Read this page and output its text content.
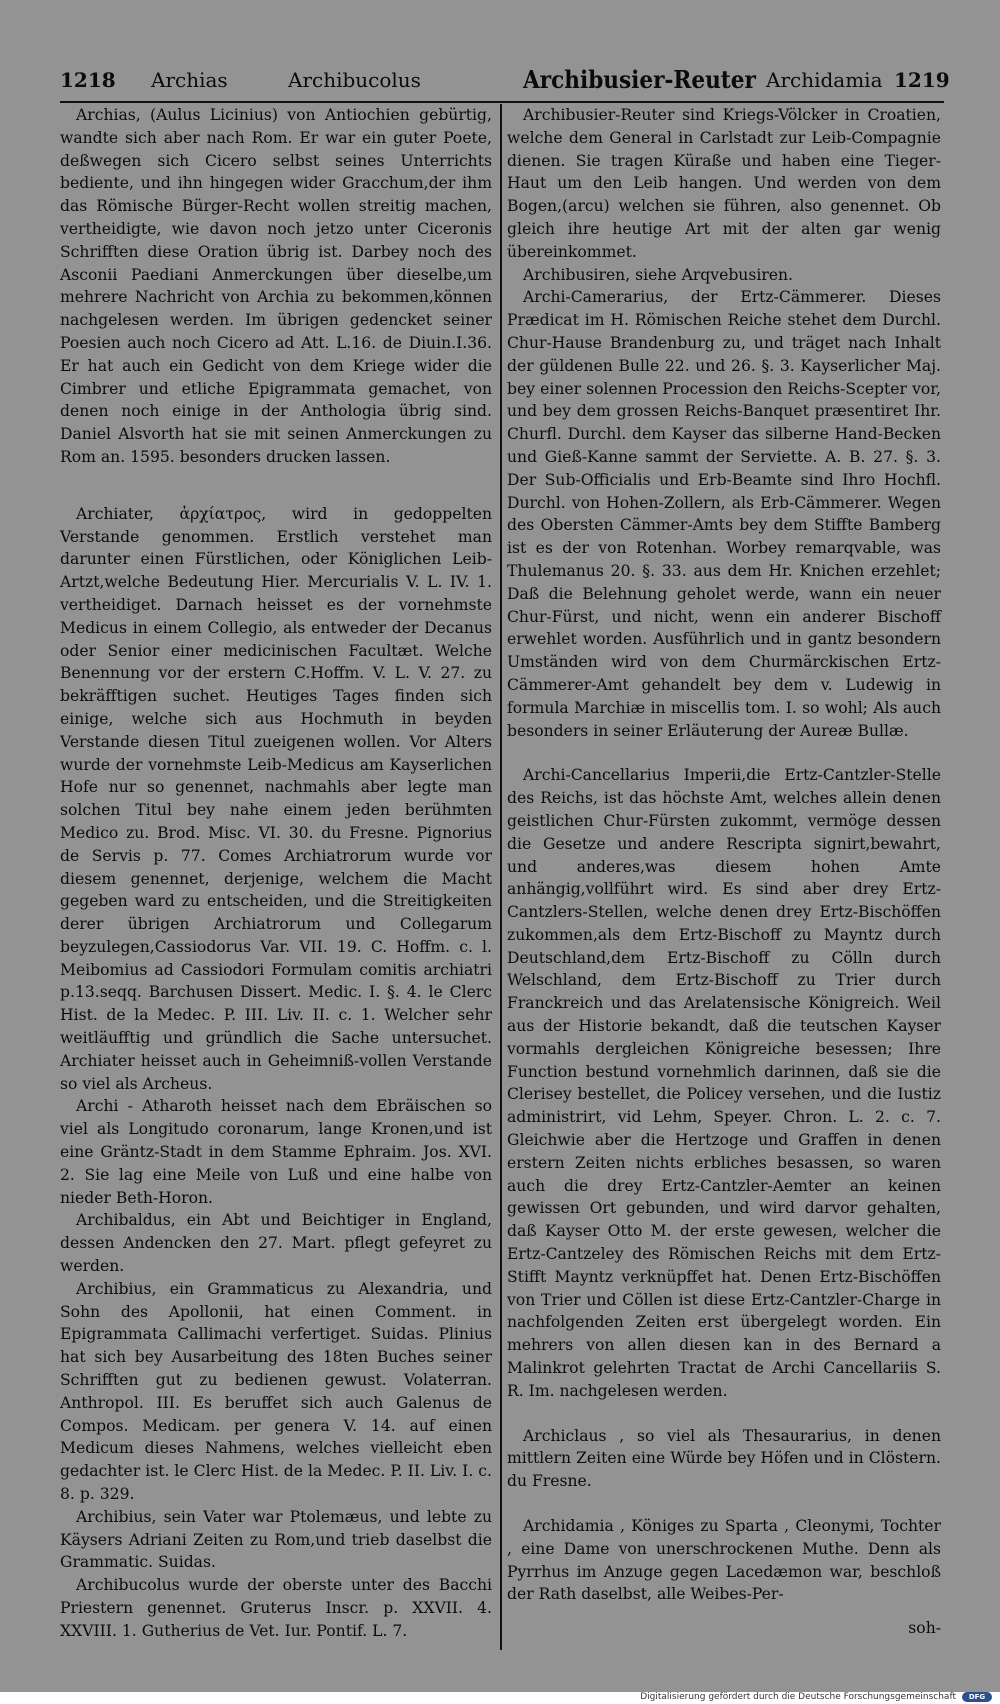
1218 Archias	Archibucolus	Archibusier-Reuter Archidamia 1219

Archias, (Aulus Licinius) von Antiochien gebürtig, wandte sich aber nach Rom. Er war ein guter Poete, deßwegen sich Cicero selbst seines Unterrichts bediente, und ihn hingegen wider Gracchum,der ihm das Römische Bürger-Recht wollen streitig machen, vertheidigte, wie davon noch jetzo unter Ciceronis Schrifften diese Oration übrig ist. Darbey noch des Asconii Paediani Anmerckungen über dieselbe,um mehrere Nachricht von Archia zu bekommen,können nachgelesen werden. Im übrigen gedencket seiner Poesien auch noch Cicero ad Att. L.16. de Diuin.I.36. Er hat auch ein Gedicht von dem Kriege wider die Cimbrer und etliche Epigrammata gemachet, von denen noch einige in der Anthologia übrig sind. Daniel Alsvorth hat sie mit seinen Anmerckungen zu Rom an. 1595. besonders drucken lassen.

Archiater, ἀρχίατρος, wird in gedoppelten Verstande genommen. Erstlich verstehet man darunter einen Fürstlichen, oder Königlichen Leib-Artzt,welche Bedeutung Hier. Mercurialis V. L. IV. 1. vertheidiget. Darnach heisset es der vornehmste Medicus in einem Collegio, als entweder der Decanus oder Senior einer medicinischen Facultæt. Welche Benennung vor der erstern C.Hoffm. V. L. V. 27. zu bekräfftigen suchet. Heutiges Tages finden sich einige, welche sich aus Hochmuth in beyden Verstande diesen Titul zueigenen wollen. Vor Alters wurde der vornehmste Leib-Medicus am Kayserlichen Hofe nur so genennet, nachmahls aber legte man solchen Titul bey nahe einem jeden berühmten Medico zu. Brod. Misc. VI. 30. du Fresne. Pignorius de Servis p. 77. Comes Archiatrorum wurde vor diesem genennet, derjenige, welchem die Macht gegeben ward zu entscheiden, und die Streitigkeiten derer übrigen Archiatrorum und Collegarum beyzulegen,Cassiodorus Var. VII. 19. C. Hoffm. c. l. Meibomius ad Cassiodori Formulam comitis archiatri p.13.seqq. Barchusen Dissert. Medic. I. §. 4. le Clerc Hist. de la Medec. P. III. Liv. II. c. 1. Welcher sehr weitläufftig und gründlich die Sache untersuchet. Archiater heisset auch in Geheimniß-vollen Verstande so viel als Archeus.

Archi - Atharoth heisset nach dem Ebräischen so viel als Longitudo coronarum, lange Kronen,und ist eine Gräntz-Stadt in dem Stamme Ephraim. Jos. XVI. 2. Sie lag eine Meile von Luß und eine halbe von nieder Beth-Horon.

Archibaldus, ein Abt und Beichtiger in England, dessen Andencken den 27. Mart. pflegt gefeyret zu werden.

Archibius, ein Grammaticus zu Alexandria, und Sohn des Apollonii, hat einen Comment. in Epigrammata Callimachi verfertiget. Suidas. Plinius hat sich bey Ausarbeitung des 18ten Buches seiner Schrifften gut zu bedienen gewust. Volaterran. Anthropol. III. Es beruffet sich auch Galenus de Compos. Medicam. per genera V. 14. auf einen Medicum dieses Nahmens, welches vielleicht eben gedachter ist. le Clerc Hist. de la Medec. P. II. Liv. I. c. 8. p. 329.

Archibius, sein Vater war Ptolemæus, und lebte zu Käysers Adriani Zeiten zu Rom,und trieb daselbst die Grammatic. Suidas.

Archibucolus wurde der oberste unter des Bacchi Priestern genennet. Gruterus Inscr. p. XXVII. 4. XXVIII. 1. Gutherius de Vet. Iur. Pontif. L. 7.

Archibusier-Reuter sind Kriegs-Völcker in Croatien, welche dem General in Carlstadt zur Leib-Compagnie dienen. Sie tragen Küraße und haben eine Tieger-Haut um den Leib hangen. Und werden von dem Bogen,(arcu) welchen sie führen, also genennet. Ob gleich ihre heutige Art mit der alten gar wenig übereinkommet.

Archibusiren, siehe Arqvebusiren.

Archi-Camerarius, der Ertz-Cämmerer. Dieses Prædicat im H. Römischen Reiche stehet dem Durchl. Chur-Hause Brandenburg zu, und träget nach Inhalt der güldenen Bulle 22. und 26. §. 3. Kayserlicher Maj. bey einer solennen Procession den Reichs-Scepter vor, und bey dem grossen Reichs-Banquet præsentiret Ihr. Churfl. Durchl. dem Kayser das silberne Hand-Becken und Gieß-Kanne sammt der Serviette. A. B. 27. §. 3. Der Sub-Officialis und Erb-Beamte sind Ihro Hochfl. Durchl. von Hohen-Zollern, als Erb-Cämmerer. Wegen des Obersten Cämmer-Amts bey dem Stiffte Bamberg ist es der von Rotenhan. Worbey remarqvable, was Thulemanus 20. §. 33. aus dem Hr. Knichen erzehlet; Daß die Belehnung geholet werde, wann ein neuer Chur-Fürst, und nicht, wenn ein anderer Bischoff erwehlet worden. Ausführlich und in gantz besondern Umständen wird von dem Churmärckischen Ertz-Cämmerer-Amt gehandelt bey dem v. Ludewig in formula Marchiæ in miscellis tom. I. so wohl; Als auch besonders in seiner Erläuterung der Aureæ Bullæ.

Archi-Cancellarius Imperii,die Ertz-Cantzler-Stelle des Reichs, ist das höchste Amt, welches allein denen geistlichen Chur-Fürsten zukommt, vermöge dessen die Gesetze und andere Rescripta signirt,bewahrt, und anderes,was diesem hohen Amte anhängig,vollführt wird. Es sind aber drey Ertz-Cantzlers-Stellen, welche denen drey Ertz-Bischöffen zukommen,als dem Ertz-Bischoff zu Mayntz durch Deutschland,dem Ertz-Bischoff zu Cölln durch Welschland, dem Ertz-Bischoff zu Trier durch Franckreich und das Arelatensische Königreich. Weil aus der Historie bekandt, daß die teutschen Kayser vormahls dergleichen Königreiche besessen; Ihre Function bestund vornehmlich darinnen, daß sie die Clerisey bestellet, die Policey versehen, und die Iustiz administrirt, vid Lehm, Speyer. Chron. L. 2. c. 7. Gleichwie aber die Hertzoge und Graffen in denen erstern Zeiten nichts erbliches besassen, so waren auch die drey Ertz-Cantzler-Aemter an keinen gewissen Ort gebunden, und wird darvor gehalten, daß Kayser Otto M. der erste gewesen, welcher die Ertz-Cantzeley des Römischen Reichs mit dem Ertz-Stifft Mayntz verknüpffet hat. Denen Ertz-Bischöffen von Trier und Cöllen ist diese Ertz-Cantzler-Charge in nachfolgenden Zeiten erst übergelegt worden. Ein mehrers von allen diesen kan in des Bernard a Malinkrot gelehrten Tractat de Archi Cancellariis S. R. Im. nachgelesen werden.

Archiclaus , so viel als Thesaurarius, in denen mittlern Zeiten eine Würde bey Höfen und in Clöstern. du Fresne.

Archidamia , Königes zu Sparta , Cleonymi, Tochter , eine Dame von unerschrockenen Muthe. Denn als Pyrrhus im Anzuge gegen Lacedæmon war, beschloß der Rath daselbst, alle Weibes-Per-

soh-
Digitalisierung gefördert durch die Deutsche Forschungsgemeinschaft	DFG
